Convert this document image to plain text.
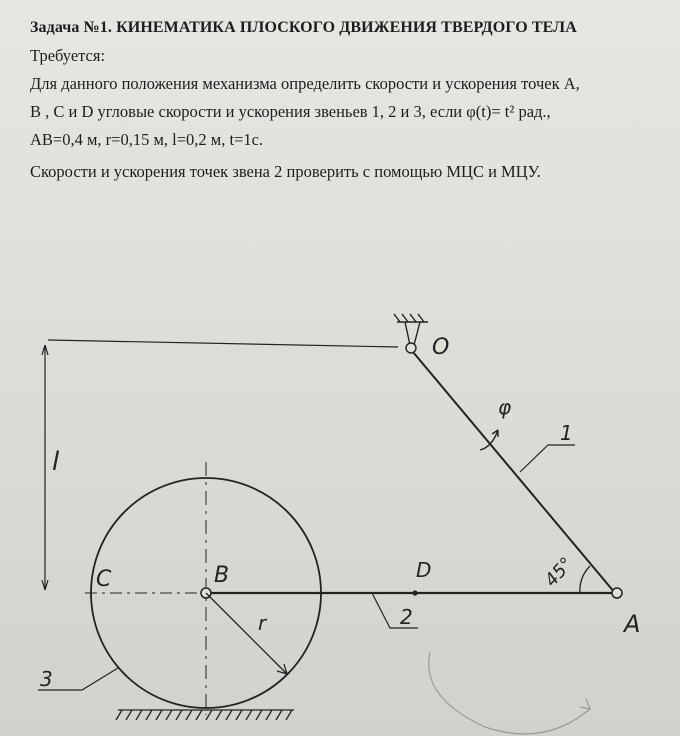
Задача №1. КИНЕМАТИКА ПЛОСКОГО ДВИЖЕНИЯ ТВЕРДОГО ТЕЛА
Требуется:
Для данного положения механизма определить скорости и ускорения точек А,
В , С и D угловые скорости и ускорения звеньев 1, 2 и 3, если φ(t)= t² рад.,
AB=0,4 м, r=0,15 м, l=0,2 м, t=1с.
Скорости и ускорения точек звена 2 проверить с помощью МЦС и МЦУ.
l
O
φ
1
45°
A
D
2
B
C
r
3
